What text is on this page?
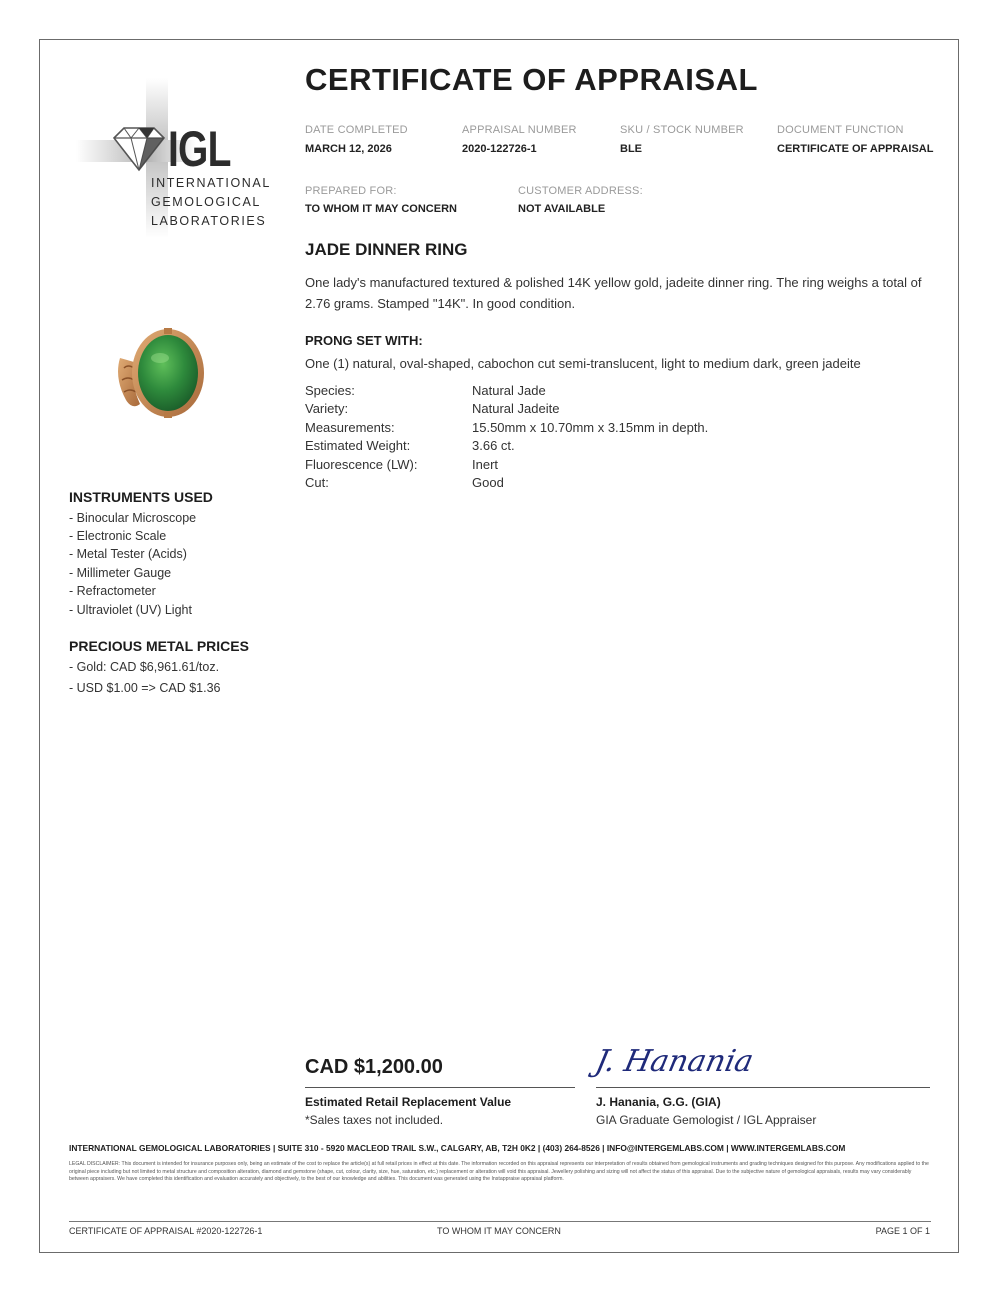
IGL
INTERNATIONAL
GEMOLOGICAL
LABORATORIES
CERTIFICATE OF APPRAISAL
DATE COMPLETED
MARCH 12, 2026
APPRAISAL NUMBER
2020-122726-1
SKU / STOCK NUMBER
BLE
DOCUMENT FUNCTION
CERTIFICATE OF APPRAISAL
PREPARED FOR:
TO WHOM IT MAY CONCERN
CUSTOMER ADDRESS:
NOT AVAILABLE
JADE DINNER RING
One lady's manufactured textured & polished 14K yellow gold, jadeite dinner ring. The ring weighs a total of 2.76 grams. Stamped "14K". In good condition.
PRONG SET WITH:
One (1) natural, oval-shaped, cabochon cut semi-translucent, light to medium dark, green jadeite
Species:	Natural Jade
Variety:	Natural Jadeite
Measurements:	15.50mm x 10.70mm x 3.15mm in depth.
Estimated Weight:	3.66 ct.
Fluorescence (LW):	Inert
Cut:	Good
INSTRUMENTS USED
- Binocular Microscope
- Electronic Scale
- Metal Tester (Acids)
- Millimeter Gauge
- Refractometer
- Ultraviolet (UV) Light
PRECIOUS METAL PRICES
- Gold: CAD $6,961.61/toz.
- USD $1.00 => CAD $1.36
CAD $1,200.00
Estimated Retail Replacement Value
*Sales taxes not included.
J. Hanania
J. Hanania, G.G. (GIA)
GIA Graduate Gemologist / IGL Appraiser
INTERNATIONAL GEMOLOGICAL LABORATORIES | SUITE 310 - 5920 MACLEOD TRAIL S.W., CALGARY, AB, T2H 0K2 | (403) 264-8526 | INFO@INTERGEMLABS.COM | WWW.INTERGEMLABS.COM
LEGAL DISCLAIMER: This document is intended for insurance purposes only, being an estimate of the cost to replace the article(s) at full retail prices in effect at this date. The information recorded on this appraisal represents our interpretation of results obtained from gemological instruments and grading techniques designed for this purpose. Any modifications applied to the original piece including but not limited to metal structure and composition alteration, diamond and gemstone (shape, cut, colour, clarity, size, hue, saturation, etc.) replacement or alteration will void this appraisal. Jewellery polishing and sizing will not affect the status of this appraisal. Due to the subjective nature of gemological appraisals, results may vary considerably between appraisers. We have completed this identification and evaluation accurately and objectively, to the best of our knowledge and abilities. This document was generated using the Instappraise appraisal platform.
CERTIFICATE OF APPRAISAL #2020-122726-1	TO WHOM IT MAY CONCERN	PAGE 1 OF 1
